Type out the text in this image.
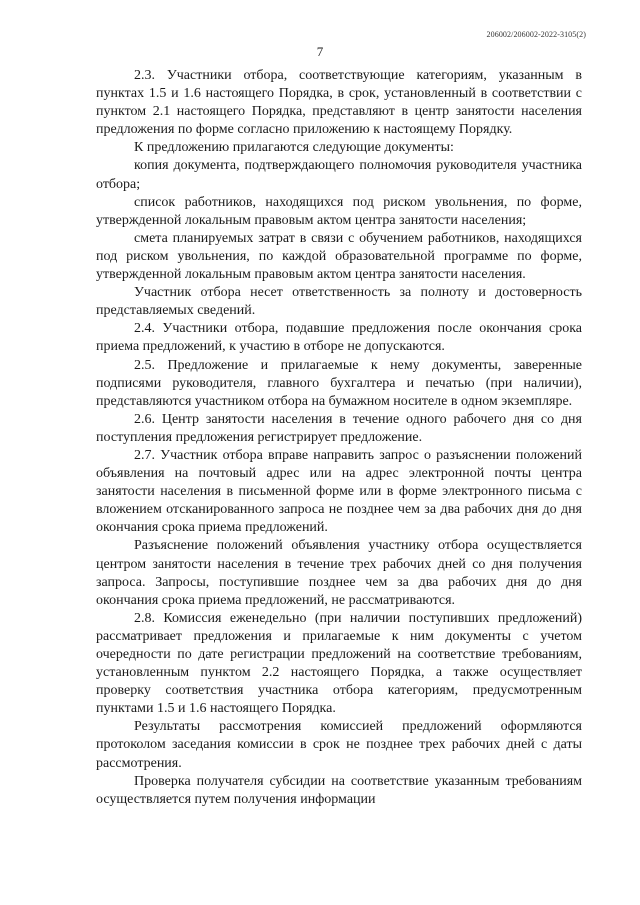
206002/206002-2022-3105(2)
7

2.3. Участники отбора, соответствующие категориям, указанным в пунктах 1.5 и 1.6 настоящего Порядка, в срок, установленный в соответствии с пунктом 2.1 настоящего Порядка, представляют в центр занятости населения предложения по форме согласно приложению к настоящему Порядку.

К предложению прилагаются следующие документы:

копия документа, подтверждающего полномочия руководителя участника отбора;

список работников, находящихся под риском увольнения, по форме, утвержденной локальным правовым актом центра занятости населения;

смета планируемых затрат в связи с обучением работников, находящихся под риском увольнения, по каждой образовательной программе по форме, утвержденной локальным правовым актом центра занятости населения.

Участник отбора несет ответственность за полноту и достоверность представляемых сведений.

2.4. Участники отбора, подавшие предложения после окончания срока приема предложений, к участию в отборе не допускаются.

2.5. Предложение и прилагаемые к нему документы, заверенные подписями руководителя, главного бухгалтера и печатью (при наличии), представляются участником отбора на бумажном носителе в одном экземпляре.

2.6. Центр занятости населения в течение одного рабочего дня со дня поступления предложения регистрирует предложение.

2.7. Участник отбора вправе направить запрос о разъяснении положений объявления на почтовый адрес или на адрес электронной почты центра занятости населения в письменной форме или в форме электронного письма с вложением отсканированного запроса не позднее чем за два рабочих дня до дня окончания срока приема предложений.

Разъяснение положений объявления участнику отбора осуществляется центром занятости населения в течение трех рабочих дней со дня получения запроса. Запросы, поступившие позднее чем за два рабочих дня до дня окончания срока приема предложений, не рассматриваются.

2.8. Комиссия еженедельно (при наличии поступивших предложений) рассматривает предложения и прилагаемые к ним документы с учетом очередности по дате регистрации предложений на соответствие требованиям, установленным пунктом 2.2 настоящего Порядка, а также осуществляет проверку соответствия участника отбора категориям, предусмотренным пунктами 1.5 и 1.6 настоящего Порядка.

Результаты рассмотрения комиссией предложений оформляются протоколом заседания комиссии в срок не позднее трех рабочих дней с даты рассмотрения.

Проверка получателя субсидии на соответствие указанным требованиям осуществляется путем получения информации
